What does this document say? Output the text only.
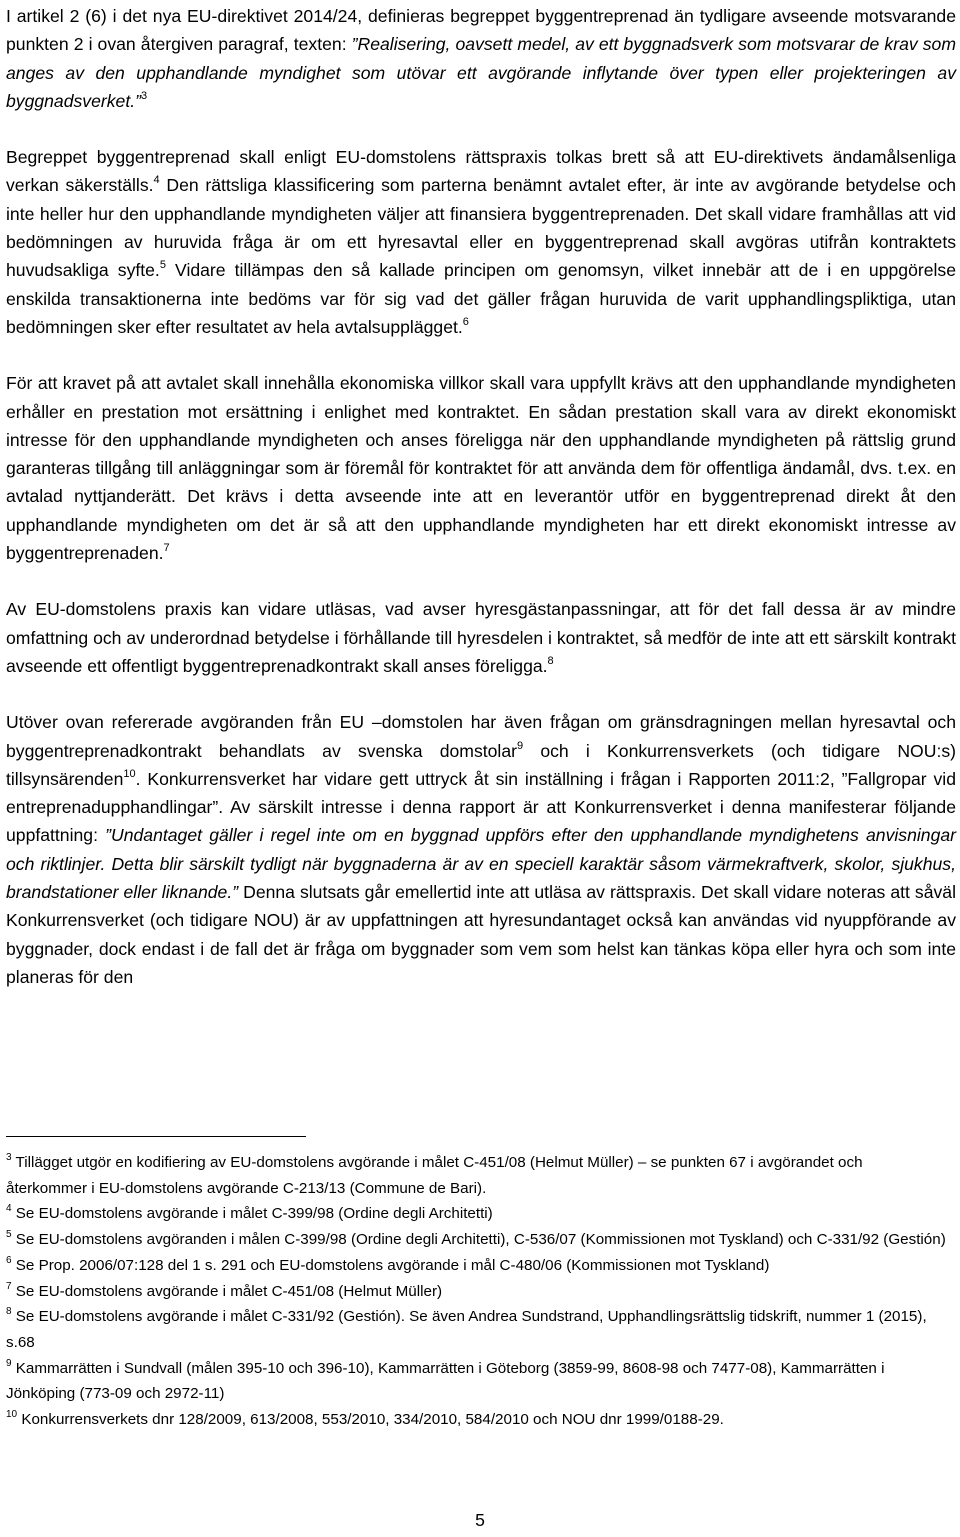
I artikel 2 (6) i det nya EU-direktivet 2014/24, definieras begreppet byggentreprenad än tydligare avseende motsvarande punkten 2 i ovan återgiven paragraf, texten: ”Realisering, oavsett medel, av ett byggnadsverk som motsvarar de krav som anges av den upphandlande myndighet som utövar ett avgörande inflytande över typen eller projekteringen av byggnadsverket.”$^3$

Begreppet byggentreprenad skall enligt EU-domstolens rättspraxis tolkas brett så att EU-direktivets ändamålsenliga verkan säkerställs.$^4$ Den rättsliga klassificering som parterna benämnt avtalet efter, är inte av avgörande betydelse och inte heller hur den upphandlande myndigheten väljer att finansiera byggentreprenaden. Det skall vidare framhållas att vid bedömningen av huruvida fråga är om ett hyresavtal eller en byggentreprenad skall avgöras utifrån kontraktets huvudsakliga syfte.$^5$ Vidare tillämpas den så kallade principen om genomsyn, vilket innebär att de i en uppgörelse enskilda transaktionerna inte bedöms var för sig vad det gäller frågan huruvida de varit upphandlingspliktiga, utan bedömningen sker efter resultatet av hela avtalsupplägget.$^6$

För att kravet på att avtalet skall innehålla ekonomiska villkor skall vara uppfyllt krävs att den upphandlande myndigheten erhåller en prestation mot ersättning i enlighet med kontraktet. En sådan prestation skall vara av direkt ekonomiskt intresse för den upphandlande myndigheten och anses föreligga när den upphandlande myndigheten på rättslig grund garanteras tillgång till anläggningar som är föremål för kontraktet för att använda dem för offentliga ändamål, dvs. t.ex. en avtalad nyttjanderätt. Det krävs i detta avseende inte att en leverantör utför en byggentreprenad direkt åt den upphandlande myndigheten om det är så att den upphandlande myndigheten har ett direkt ekonomiskt intresse av byggentreprenaden.$^7$

Av EU-domstolens praxis kan vidare utläsas, vad avser hyresgästanpassningar, att för det fall dessa är av mindre omfattning och av underordnad betydelse i förhållande till hyresdelen i kontraktet, så medför de inte att ett särskilt kontrakt avseende ett offentligt byggentreprenadkontrakt skall anses föreligga.$^8$

Utöver ovan refererade avgöranden från EU –domstolen har även frågan om gränsdragningen mellan hyresavtal och byggentreprenadkontrakt behandlats av svenska domstolar$^9$ och i Konkurrensverkets (och tidigare NOU:s) tillsynsärenden$^{10}$. Konkurrensverket har vidare gett uttryck åt sin inställning i frågan i Rapporten 2011:2, ”Fallgropar vid entreprenadupphandlingar”. Av särskilt intresse i denna rapport är att Konkurrensverket i denna manifesterar följande uppfattning: ”Undantaget gäller i regel inte om en byggnad uppförs efter den upphandlande myndighetens anvisningar och riktlinjer. Detta blir särskilt tydligt när byggnaderna är av en speciell karaktär såsom värmekraftverk, skolor, sjukhus, brandstationer eller liknande.” Denna slutsats går emellertid inte att utläsa av rättspraxis. Det skall vidare noteras att såväl Konkurrensverket (och tidigare NOU) är av uppfattningen att hyresundantaget också kan användas vid nyuppförande av byggnader, dock endast i de fall det är fråga om byggnader som vem som helst kan tänkas köpa eller hyra och som inte planeras för den

$^3$ Tillägget utgör en kodifiering av EU-domstolens avgörande i målet C-451/08 (Helmut Müller) – se punkten 67 i avgörandet och återkommer i EU-domstolens avgörande C-213/13 (Commune de Bari).

$^4$ Se EU-domstolens avgörande i målet C-399/98 (Ordine degli Architetti)

$^5$ Se EU-domstolens avgöranden i målen C-399/98 (Ordine degli Architetti), C-536/07 (Kommissionen mot Tyskland) och C-331/92 (Gestión)

$^6$ Se Prop. 2006/07:128 del 1 s. 291 och EU-domstolens avgörande i mål C-480/06 (Kommissionen mot Tyskland)

$^7$ Se EU-domstolens avgörande i målet C-451/08 (Helmut Müller)

$^8$ Se EU-domstolens avgörande i målet C-331/92 (Gestión). Se även Andrea Sundstrand, Upphandlingsrättslig tidskrift, nummer 1 (2015), s.68

$^9$ Kammarrätten i Sundvall (målen 395-10 och 396-10), Kammarrätten i Göteborg (3859-99, 8608-98 och 7477-08), Kammarrätten i Jönköping (773-09 och 2972-11)

$^{10}$ Konkurrensverkets dnr 128/2009, 613/2008, 553/2010, 334/2010, 584/2010 och NOU dnr 1999/0188-29.

5
